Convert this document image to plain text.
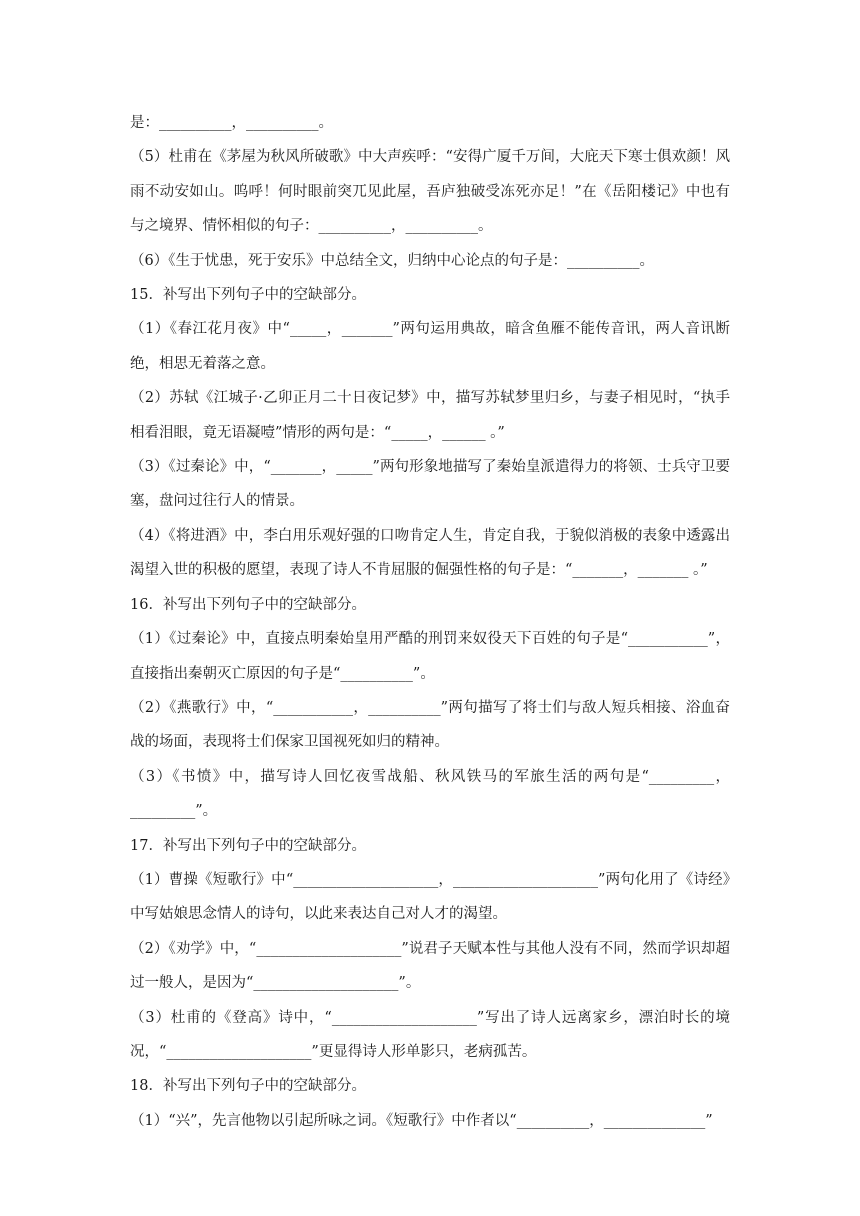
是：__________，__________。

（5）杜甫在《茅屋为秋风所破歌》中大声疾呼：“安得广厦千万间，大庇天下寒士俱欢颜！风雨不动安如山。呜呼！何时眼前突兀见此屋，吾庐独破受冻死亦足！”在《岳阳楼记》中也有与之境界、情怀相似的句子：__________，__________。

（6）《生于忧患，死于安乐》中总结全文，归纳中心论点的句子是：__________。

15．补写出下列句子中的空缺部分。

（1）《春江花月夜》中“_____，_______”两句运用典故，暗含鱼雁不能传音讯，两人音讯断绝，相思无着落之意。

（2）苏轼《江城子·乙卯正月二十日夜记梦》中，描写苏轼梦里归乡，与妻子相见时，“执手相看泪眼，竟无语凝噎”情形的两句是：“_____，______ 。”

（3）《过秦论》中，“_______，_____”两句形象地描写了秦始皇派遣得力的将领、士兵守卫要塞，盘问过往行人的情景。

（4）《将进酒》中，李白用乐观好强的口吻肯定人生，肯定自我，于貌似消极的表象中透露出渴望入世的积极的愿望，表现了诗人不肯屈服的倔强性格的句子是：“_______，_______ 。”

16．补写出下列句子中的空缺部分。

（1）《过秦论》中，直接点明秦始皇用严酷的刑罚来奴役天下百姓的句子是“___________”，直接指出秦朝灭亡原因的句子是“__________”。

（2）《燕歌行》中，“___________，__________”两句描写了将士们与敌人短兵相接、浴血奋战的场面，表现将士们保家卫国视死如归的精神。

（3）《书愤》中，描写诗人回忆夜雪战船、秋风铁马的军旅生活的两句是“_________，_________”。

17．补写出下列句子中的空缺部分。

（1）曹操《短歌行》中“____________________，____________________”两句化用了《诗经》中写姑娘思念情人的诗句，以此来表达自己对人才的渴望。

（2）《劝学》中，“____________________”说君子天赋本性与其他人没有不同，然而学识却超过一般人，是因为“____________________”。

（3）杜甫的《登高》诗中，“____________________”写出了诗人远离家乡，漂泊时长的境况，“____________________”更显得诗人形单影只，老病孤苦。

18．补写出下列句子中的空缺部分。

（1）“兴”，先言他物以引起所咏之词。《短歌行》中作者以“__________，______________”
